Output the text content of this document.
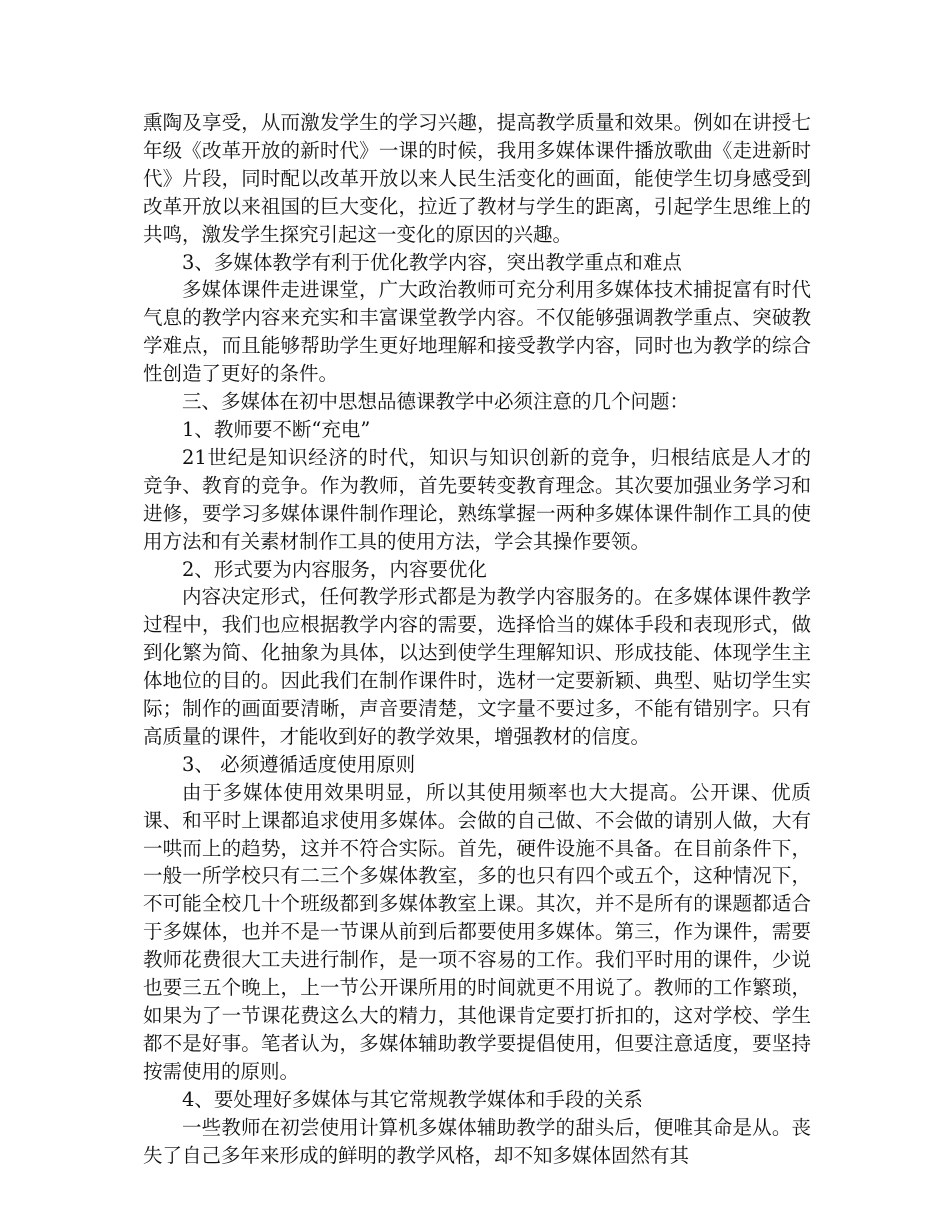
熏陶及享受，从而激发学生的学习兴趣，提高教学质量和效果。例如在讲授七年级《改革开放的新时代》一课的时候，我用多媒体课件播放歌曲《走进新时代》片段，同时配以改革开放以来人民生活变化的画面，能使学生切身感受到改革开放以来祖国的巨大变化，拉近了教材与学生的距离，引起学生思维上的共鸣，激发学生探究引起这一变化的原因的兴趣。

3、多媒体教学有利于优化教学内容，突出教学重点和难点

多媒体课件走进课堂，广大政治教师可充分利用多媒体技术捕捉富有时代气息的教学内容来充实和丰富课堂教学内容。不仅能够强调教学重点、突破教学难点，而且能够帮助学生更好地理解和接受教学内容，同时也为教学的综合性创造了更好的条件。

三、多媒体在初中思想品德课教学中必须注意的几个问题：

1、教师要不断“充电”

21世纪是知识经济的时代，知识与知识创新的竞争，归根结底是人才的竞争、教育的竞争。作为教师，首先要转变教育理念。其次要加强业务学习和进修，要学习多媒体课件制作理论，熟练掌握一两种多媒体课件制作工具的使用方法和有关素材制作工具的使用方法，学会其操作要领。

2、形式要为内容服务，内容要优化

内容决定形式，任何教学形式都是为教学内容服务的。在多媒体课件教学过程中，我们也应根据教学内容的需要，选择恰当的媒体手段和表现形式，做到化繁为简、化抽象为具体，以达到使学生理解知识、形成技能、体现学生主体地位的目的。因此我们在制作课件时，选材一定要新颖、典型、贴切学生实际；制作的画面要清晰，声音要清楚，文字量不要过多，不能有错别字。只有高质量的课件，才能收到好的教学效果，增强教材的信度。

3、 必须遵循适度使用原则

由于多媒体使用效果明显，所以其使用频率也大大提高。公开课、优质课、和平时上课都追求使用多媒体。会做的自己做、不会做的请别人做，大有一哄而上的趋势，这并不符合实际。首先，硬件设施不具备。在目前条件下，一般一所学校只有二三个多媒体教室，多的也只有四个或五个，这种情况下，不可能全校几十个班级都到多媒体教室上课。其次，并不是所有的课题都适合于多媒体，也并不是一节课从前到后都要使用多媒体。第三，作为课件，需要教师花费很大工夫进行制作，是一项不容易的工作。我们平时用的课件，少说也要三五个晚上，上一节公开课所用的时间就更不用说了。教师的工作繁琐，如果为了一节课花费这么大的精力，其他课肯定要打折扣的，这对学校、学生都不是好事。笔者认为，多媒体辅助教学要提倡使用，但要注意适度，要坚持按需使用的原则。

4、要处理好多媒体与其它常规教学媒体和手段的关系

一些教师在初尝使用计算机多媒体辅助教学的甜头后，便唯其命是从。丧失了自己多年来形成的鲜明的教学风格，却不知多媒体固然有其
